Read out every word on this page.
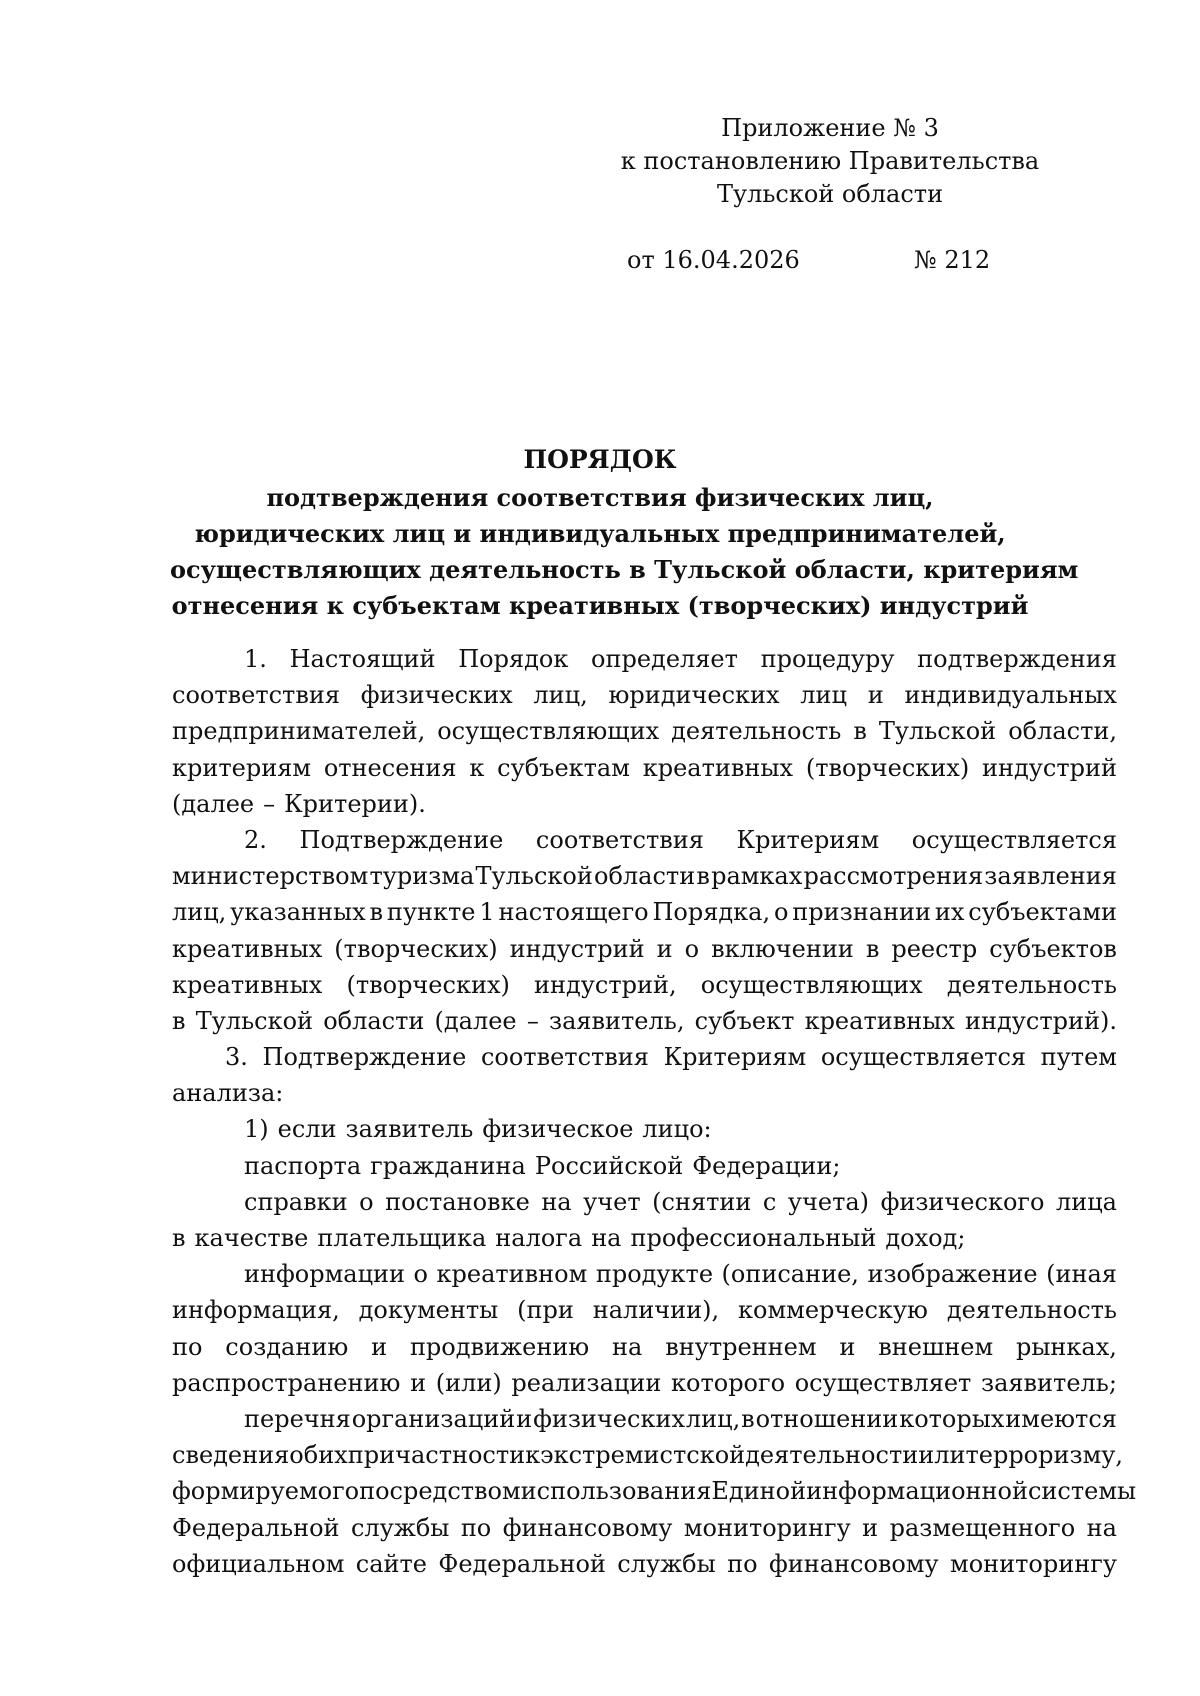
Приложение № 3
к постановлению Правительства
Тульской области
от 16.04.2026	№ 212
ПОРЯДОК
подтверждения соответствия физических лиц,
юридических лиц и индивидуальных предпринимателей,
осуществляющих деятельность в Тульской области, критериям
отнесения к субъектам креативных (творческих) индустрий
1. Настоящий Порядок определяет процедуру подтверждения
соответствия физических лиц, юридических лиц и индивидуальных
предпринимателей, осуществляющих деятельность в Тульской области,
критериям отнесения к субъектам креативных (творческих) индустрий
(далее – Критерии).
2. Подтверждение соответствия Критериям осуществляется
министерством туризма Тульской области в рамках рассмотрения заявления
лиц, указанных в пункте 1 настоящего Порядка, о признании их субъектами
креативных (творческих) индустрий и о включении в реестр субъектов
креативных (творческих) индустрий, осуществляющих деятельность
в Тульской области (далее – заявитель, субъект креативных индустрий).
3. Подтверждение соответствия Критериям осуществляется путем
анализа:
1) если заявитель физическое лицо:
паспорта гражданина Российской Федерации;
справки о постановке на учет (снятии с учета) физического лица
в качестве плательщика налога на профессиональный доход;
информации о креативном продукте (описание, изображение (иная
информация, документы (при наличии), коммерческую деятельность
по созданию и продвижению на внутреннем и внешнем рынках,
распространению и (или) реализации которого осуществляет заявитель;
перечня организаций и физических лиц, в отношении которых имеются
сведения об их причастности к экстремистской деятельности или терроризму,
формируемого посредством использования Единой информационной системы
Федеральной службы по финансовому мониторингу и размещенного на
официальном сайте Федеральной службы по финансовому мониторингу
